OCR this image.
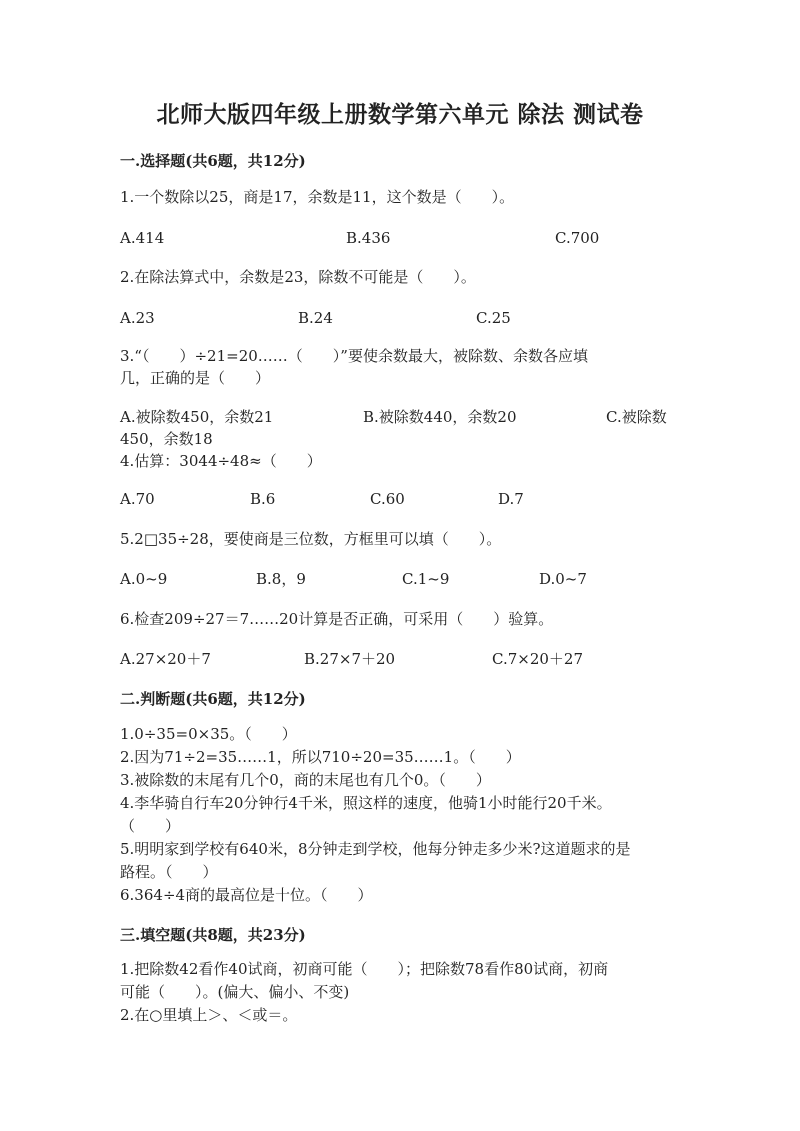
北师大版四年级上册数学第六单元 除法 测试卷
一.选择题(共6题，共12分)
1.一个数除以25，商是17，余数是11，这个数是（　　）。
A.414	B.436	C.700
2.在除法算式中，余数是23，除数不可能是（　　）。
A.23	B.24	C.25
3.“（　　）÷21=20……（　　）”要使余数最大，被除数、余数各应填
几，正确的是（　　）
A.被除数450，余数21	B.被除数440，余数20	C.被除数
450，余数18
4.估算：3044÷48≈（　　）
A.70	B.6	C.60	D.7
5.2□35÷28，要使商是三位数，方框里可以填（　　）。
A.0~9	B.8，9	C.1~9	D.0~7
6.检查209÷27＝7……20计算是否正确，可采用（　　）验算。
A.27×20＋7	B.27×7＋20	C.7×20＋27
二.判断题(共6题，共12分)
1.0÷35=0×35。（　　）
2.因为71÷2=35……1，所以710÷20=35……1。（　　）
3.被除数的末尾有几个0，商的末尾也有几个0。（　　）
4.李华骑自行车20分钟行4千米，照这样的速度，他骑1小时能行20千米。
（　　）
5.明明家到学校有640米，8分钟走到学校，他每分钟走多少米?这道题求的是
路程。（　　）
6.364÷4商的最高位是十位。（　　）
三.填空题(共8题，共23分)
1.把除数42看作40试商，初商可能（　　）；把除数78看作80试商，初商
可能（　　）。(偏大、偏小、不变)
2.在○里填上＞、＜或＝。
